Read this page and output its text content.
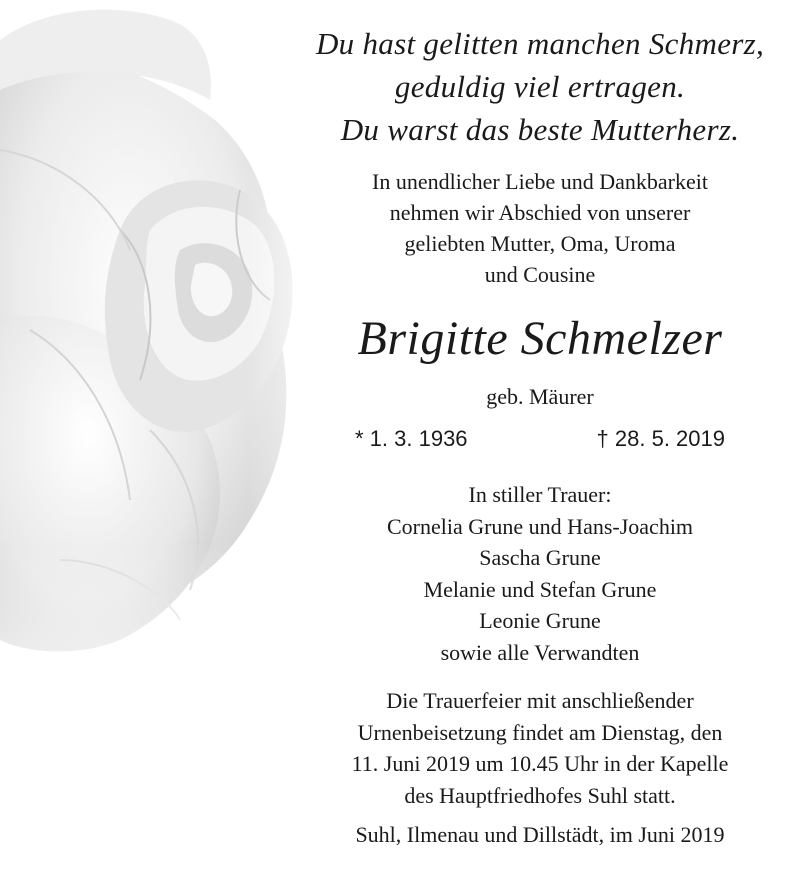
Du hast gelitten manchen Schmerz,
geduldig viel ertragen.
Du warst das beste Mutterherz.
In unendlicher Liebe und Dankbarkeit
nehmen wir Abschied von unserer
geliebten Mutter, Oma, Uroma
und Cousine
Brigitte Schmelzer
geb. Mäurer
* 1. 3. 1936	† 28. 5. 2019
In stiller Trauer:
Cornelia Grune und Hans-Joachim
Sascha Grune
Melanie und Stefan Grune
Leonie Grune
sowie alle Verwandten
Die Trauerfeier mit anschließender
Urnenbeisetzung findet am Dienstag, den
11. Juni 2019 um 10.45 Uhr in der Kapelle
des Hauptfriedhofes Suhl statt.
Suhl, Ilmenau und Dillstädt, im Juni 2019
